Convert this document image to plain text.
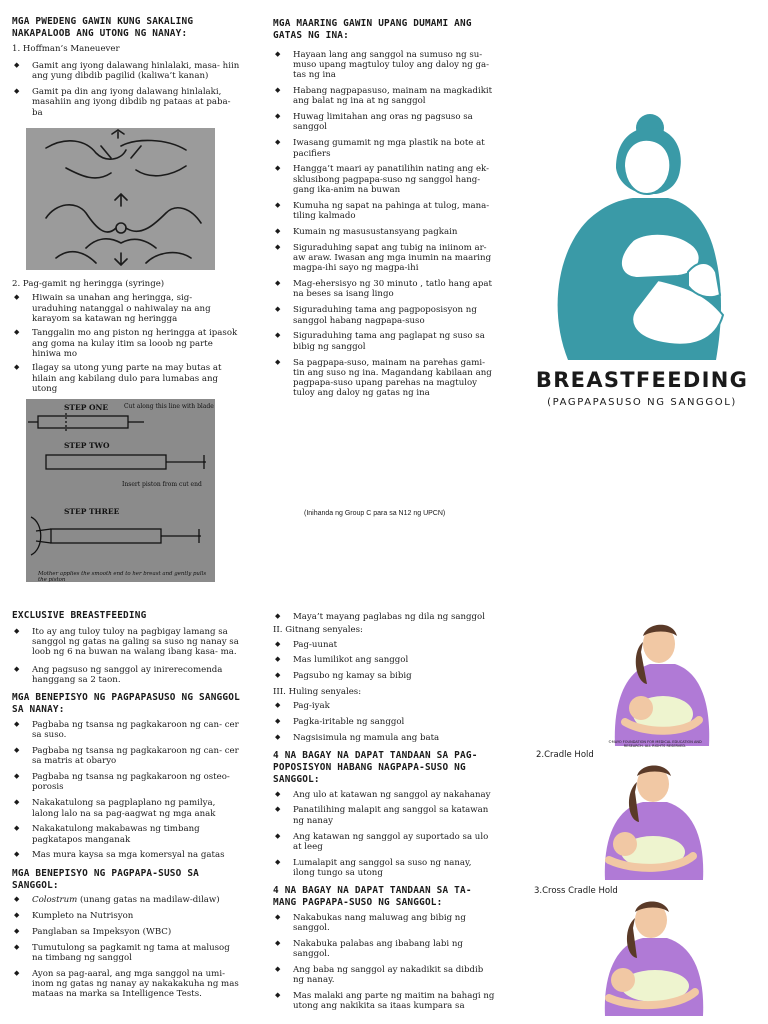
MGA PWEDENG GAWIN KUNG SAKALING NAKAPALOOB ANG UTONG NG NANAY:
1. Hoffman’s Maneuever
◆ Gamit ang iyong dalawang hinlalaki, masa- hiin ang yung dibdib pagilid (kaliwa’t kanan)
◆ Gamit pa din ang iyong dalawang hinlalaki, masahiin ang iyong dibdib ng pataas at paba- ba
2. Pag-gamit ng heringga (syringe)
◆ Hiwain sa unahan ang heringga, sig- uraduhing natanggal o nahiwalay na ang karayom sa katawan ng heringga
◆ Tanggalin mo ang piston ng heringga at ipasok ang goma na kulay itim sa looob ng parte hiniwa mo
◆ Ilagay sa utong yung parte na may butas at hilain ang kabilang dulo para lumabas ang utong
STEP ONE	Cut along this line with blade
STEP TWO
Insert piston from cut end
STEP THREE
Mother applies the smooth end to her breast and gently pulls the piston
MGA MAARING GAWIN UPANG DUMAMI ANG GATAS NG INA:
◆ Hayaan lang ang sanggol na sumuso ng su- muso upang magtuloy tuloy ang daloy ng ga- tas ng ina
◆ Habang nagpapasuso, mainam na magkadikit ang balat ng ina at ng sanggol
◆ Huwag limitahan ang oras ng pagsuso sa sanggol
◆ Iwasang gumamit ng mga plastik na bote at pacifiers
◆ Hangga’t maari ay panatilihin nating ang ek- sklusibong pagpapa-suso ng sanggol hang- gang ika-anim na buwan
◆ Kumuha ng sapat na pahinga at tulog, mana- tiling kalmado
◆ Kumain ng masusustansyang pagkain
◆ Siguraduhing sapat ang tubig na iniinom ar- aw araw. Iwasan ang mga inumin na maaring magpa-ihi sayo ng magpa-ihi
◆ Mag-ehersisyo ng 30 minuto , tatlo hang apat na beses sa isang lingo
◆ Siguraduhing tama ang pagpoposisyon ng sanggol habang nagpapa-suso
◆ Siguraduhing tama ang paglapat ng suso sa bibig ng sanggol
◆ Sa pagpapa-suso, mainam na parehas gami- tin ang suso ng ina. Magandang kabilaan ang pagpapa-suso upang parehas na magtuloy tuloy ang daloy ng gatas ng ina
(Inihanda ng Group C para sa N12 ng UPCN)
BREASTFEEDING
(PAGPAPASUSO NG SANGGOL)
EXCLUSIVE BREASTFEEDING
◆ Ito ay ang tuloy tuloy na pagbigay lamang sa sanggol ng gatas na galing sa suso ng nanay sa loob ng 6 na buwan na walang ibang kasa- ma.
◆ Ang pagsuso ng sanggol ay inirerecomenda hanggang sa 2 taon.
MGA BENEPISYO NG PAGPAPASUSO NG SANGGOL SA NANAY:
◆ Pagbaba ng tsansa ng pagkakaroon ng can- cer sa suso.
◆ Pagbaba ng tsansa ng pagkakaroon ng can- cer sa matris at obaryo
◆ Pagbaba ng tsansa ng pagkakaroon ng osteo- porosis
◆ Nakakatulong sa pagplaplano ng pamilya, lalong lalo na sa pag-aagwat ng mga anak
◆ Nakakatulong makabawas ng timbang pagkatapos manganak
◆ Mas mura kaysa sa mga komersyal na gatas
MGA BENEPISYO NG PAGPAPA-SUSO SA SANGGOL:
◆ Colostrum (unang gatas na madilaw-dilaw)
◆ Kumpleto na Nutrisyon
◆ Panglaban sa Impeksyon (WBC)
◆ Tumutulong sa pagkamit ng tama at malusog na timbang ng sanggol
◆ Ayon sa pag-aaral, ang mga sanggol na umi- inom ng gatas ng nanay ay nakakakuha ng mas mataas na marka sa Intelligence Tests.
◆ Maya’t mayang paglabas ng dila ng sanggol
II. Gitnang senyales:
◆ Pag-uunat
◆ Mas lumilikot ang sanggol
◆ Pagsubo ng kamay sa bibig
III. Huling senyales:
◆ Pag-iyak
◆ Pagka-iritable ng sanggol
◆ Nagsisimula ng mamula ang bata
4 NA BAGAY NA DAPAT TANDAAN SA PAG- POPOSISYON HABANG NAGPAPA-SUSO NG SANGGOL:
◆ Ang ulo at katawan ng sanggol ay nakahanay
◆ Panatilihing malapit ang sanggol sa katawan ng nanay
◆ Ang katawan ng sanggol ay suportado sa ulo at leeg
◆ Lumalapit ang sanggol sa suso ng nanay, ilong tungo sa utong
4 NA BAGAY NA DAPAT TANDAAN SA TA- MANG PAGPAPA-SUSO NG SANGGOL:
◆ Nakabukas nang maluwag ang bibig ng sanggol.
◆ Nakabuka palabas ang ibabang labi ng sanggol.
◆ Ang baba ng sanggol ay nakadikit sa dibdib ng nanay.
◆ Mas malaki ang parte ng maitim na bahagi ng utong ang nakikita sa itaas kumpara sa
©MAYO FOUNDATION FOR MEDICAL EDUCATION AND RESEARCH. ALL RIGHTS RESERVED.
2.Cradle Hold
3.Cross Cradle Hold
